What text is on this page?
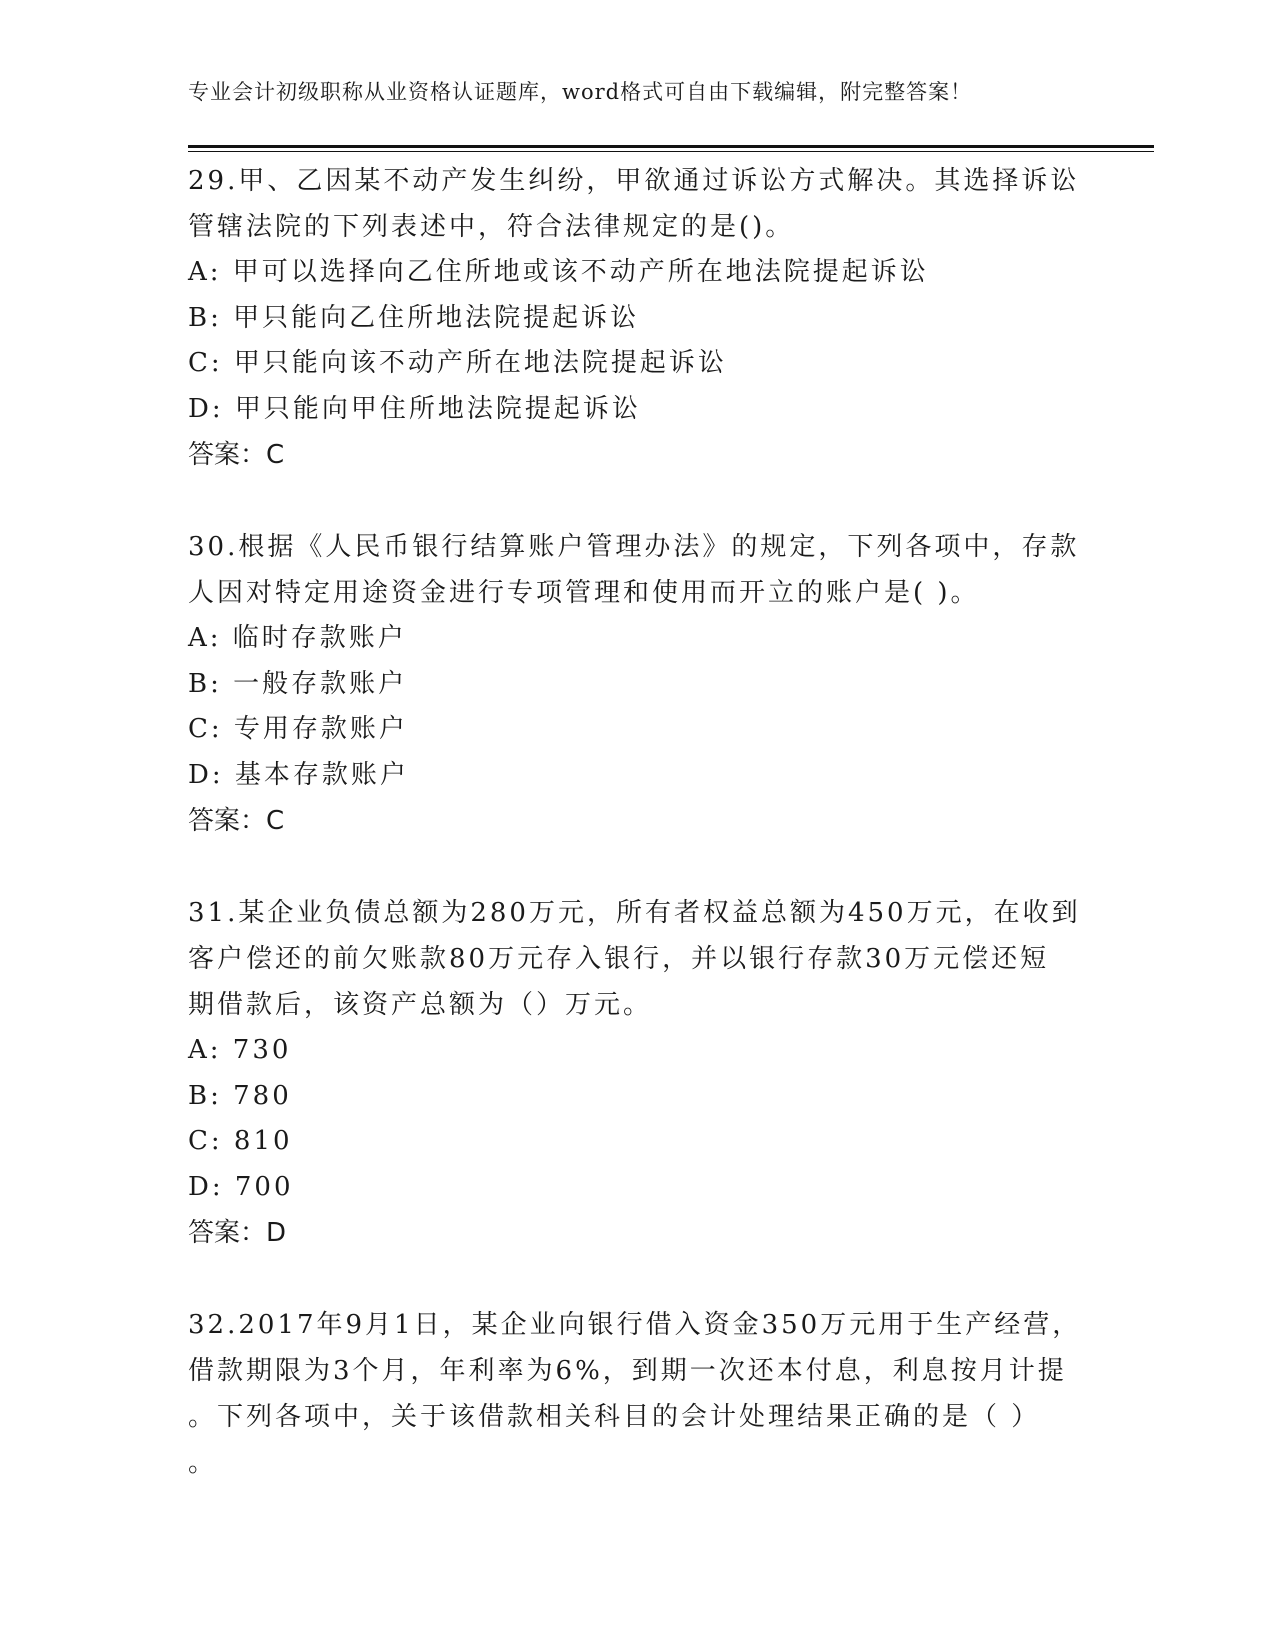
专业会计初级职称从业资格认证题库，word格式可自由下载编辑，附完整答案！
29.甲、乙因某不动产发生纠纷，甲欲通过诉讼方式解决。其选择诉讼
管辖法院的下列表述中，符合法律规定的是()。
A: 甲可以选择向乙住所地或该不动产所在地法院提起诉讼
B: 甲只能向乙住所地法院提起诉讼
C: 甲只能向该不动产所在地法院提起诉讼
D: 甲只能向甲住所地法院提起诉讼
答案：C
30.根据《人民币银行结算账户管理办法》的规定，下列各项中，存款
人因对特定用途资金进行专项管理和使用而开立的账户是( )。
A: 临时存款账户
B: 一般存款账户
C: 专用存款账户
D: 基本存款账户
答案：C
31.某企业负债总额为280万元，所有者权益总额为450万元，在收到
客户偿还的前欠账款80万元存入银行，并以银行存款30万元偿还短
期借款后，该资产总额为（）万元。
A: 730
B: 780
C: 810
D: 700
答案：D
32.2017年9月1日，某企业向银行借入资金350万元用于生产经营，
借款期限为3个月，年利率为6%，到期一次还本付息，利息按月计提
。下列各项中，关于该借款相关科目的会计处理结果正确的是（ ）
。
